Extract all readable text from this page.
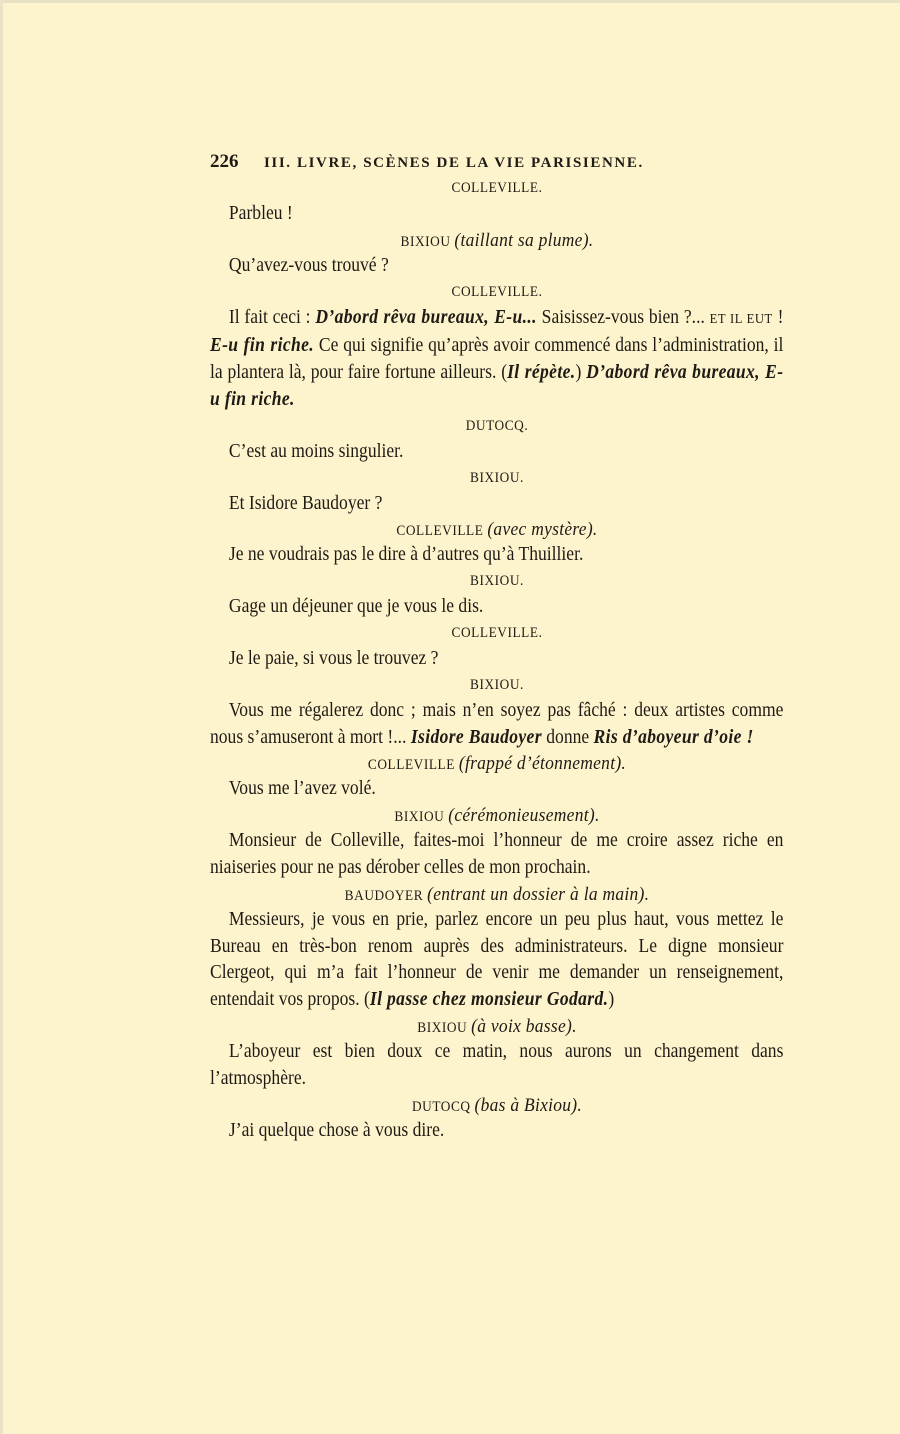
226	III. LIVRE, SCÈNES DE LA VIE PARISIENNE.
COLLEVILLE.
Parbleu !
BIXIOU (taillant sa plume).
Qu’avez-vous trouvé ?
COLLEVILLE.
Il fait ceci : D’abord rêva bureaux, E-u... Saisissez-vous bien ?... ET IL EUT ! E-u fin riche. Ce qui signifie qu’après avoir commencé dans l’administration, il la plantera là, pour faire fortune ailleurs. (Il répète.) D’abord rêva bureaux, E-u fin riche.
DUTOCQ.
C’est au moins singulier.
BIXIOU.
Et Isidore Baudoyer ?
COLLEVILLE (avec mystère).
Je ne voudrais pas le dire à d’autres qu’à Thuillier.
BIXIOU.
Gage un déjeuner que je vous le dis.
COLLEVILLE.
Je le paie, si vous le trouvez ?
BIXIOU.
Vous me régalerez donc ; mais n’en soyez pas fâché : deux artistes comme nous s’amuseront à mort !... Isidore Baudoyer donne Ris d’aboyeur d’oie !
COLLEVILLE (frappé d’étonnement).
Vous me l’avez volé.
BIXIOU (cérémonieusement).
Monsieur de Colleville, faites-moi l’honneur de me croire assez riche en niaiseries pour ne pas dérober celles de mon prochain.
BAUDOYER (entrant un dossier à la main).
Messieurs, je vous en prie, parlez encore un peu plus haut, vous mettez le Bureau en très-bon renom auprès des administrateurs. Le digne monsieur Clergeot, qui m’a fait l’honneur de venir me demander un renseignement, entendait vos propos. (Il passe chez monsieur Godard.)
BIXIOU (à voix basse).
L’aboyeur est bien doux ce matin, nous aurons un changement dans l’atmosphère.
DUTOCQ (bas à Bixiou).
J’ai quelque chose à vous dire.
